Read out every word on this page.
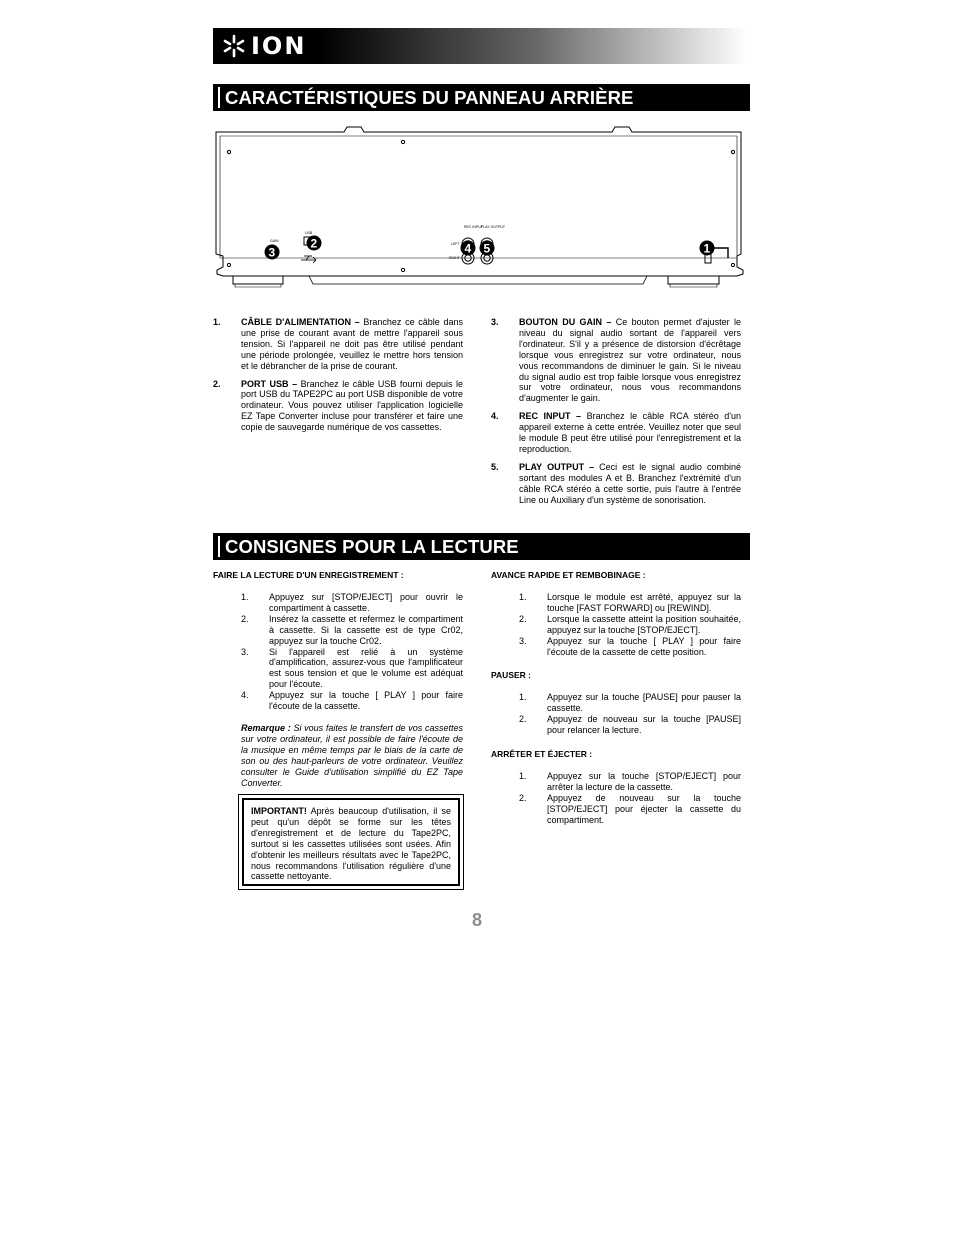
ION
CARACTÉRISTIQUES DU PANNEAU ARRIÈRE
GAIN
USB
REC INPUT
PLAY OUTPUT
LEFT
RIGHT
1
2
3	4 5
1. CÂBLE D'ALIMENTATION – Branchez ce câble dans une prise de courant avant de mettre l'appareil sous tension. Si l'appareil ne doit pas être utilisé pendant une période prolongée, veuillez le mettre hors tension et le débrancher de la prise de courant.
2. PORT USB – Branchez le câble USB fourni depuis le port USB du TAPE2PC au port USB disponible de votre ordinateur. Vous pouvez utiliser l'application logicielle EZ Tape Converter incluse pour transférer et faire une copie de sauvegarde numérique de vos cassettes.
3. BOUTON DU GAIN – Ce bouton permet d'ajuster le niveau du signal audio sortant de l'appareil vers l'ordinateur. S'il y a présence de distorsion d'écrêtage lorsque vous enregistrez sur votre ordinateur, nous vous recommandons de diminuer le gain. Si le niveau du signal audio est trop faible lorsque vous enregistrez sur votre ordinateur, nous vous recommandons d'augmenter le gain.
4. REC INPUT – Branchez le câble RCA stéréo d'un appareil externe à cette entrée. Veuillez noter que seul le module B peut être utilisé pour l'enregistrement et la reproduction.
5. PLAY OUTPUT – Ceci est le signal audio combiné sortant des modules A et B. Branchez l'extrémité d'un câble RCA stéréo à cette sortie, puis l'autre à l'entrée Line ou Auxiliary d'un système de sonorisation.
CONSIGNES POUR LA LECTURE
FAIRE LA LECTURE D'UN ENREGISTREMENT :
1. Appuyez sur [STOP/EJECT] pour ouvrir le compartiment à cassette.
2. Insérez la cassette et refermez le compartiment à cassette. Si la cassette est de type Cr02, appuyez sur la touche Cr02.
3. Si l'appareil est relié à un système d'amplification, assurez-vous que l'amplificateur est sous tension et que le volume est adéquat pour l'écoute.
4. Appuyez sur la touche [ PLAY ] pour faire l'écoute de la cassette.
Remarque : Si vous faites le transfert de vos cassettes sur votre ordinateur, il est possible de faire l'écoute de la musique en même temps par le biais de la carte de son ou des haut-parleurs de votre ordinateur. Veuillez consulter le Guide d'utilisation simplifié du EZ Tape Converter.
IMPORTANT! Après beaucoup d'utilisation, il se peut qu'un dépôt se forme sur les têtes d'enregistrement et de lecture du Tape2PC, surtout si les cassettes utilisées sont usées. Afin d'obtenir les meilleurs résultats avec le Tape2PC, nous recommandons l'utilisation régulière d'une cassette nettoyante.
AVANCE RAPIDE ET REMBOBINAGE :
1. Lorsque le module est arrêté, appuyez sur la touche [FAST FORWARD] ou [REWIND].
2. Lorsque la cassette atteint la position souhaitée, appuyez sur la touche [STOP/EJECT].
3. Appuyez sur la touche [ PLAY ] pour faire l'écoute de la cassette de cette position.
PAUSER :
1. Appuyez sur la touche [PAUSE] pour pauser la cassette.
2. Appuyez de nouveau sur la touche [PAUSE] pour relancer la lecture.
ARRÊTER ET ÉJECTER :
1. Appuyez sur la touche [STOP/EJECT] pour arrêter la lecture de la cassette.
2. Appuyez de nouveau sur la touche [STOP/EJECT] pour éjecter la cassette du compartiment.
8
